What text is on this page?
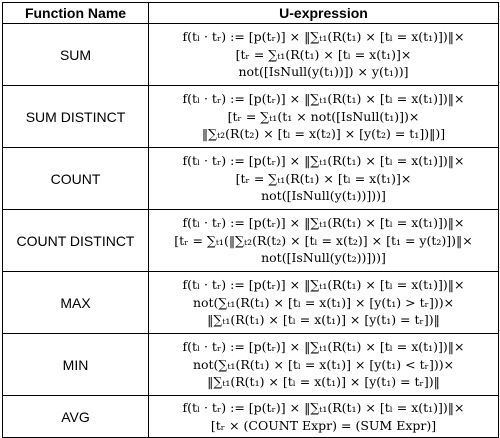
Function Name	U-expression
SUM	f(tₗ · tᵣ) := [p(tᵣ)] × ‖∑ₜ₁(R(t₁) × [tₗ = x(t₁)])‖×
[tᵣ = ∑ₜ₁(R(t₁) × [tₗ = x(t₁)]×
not([IsNull(y(t₁))]) × y(t₁))]

SUM DISTINCT	f(tₗ · tᵣ) := [p(tᵣ)] × ‖∑ₜ₁(R(t₁) × [tₗ = x(t₁)])‖×
[tᵣ = ∑ₜ₁(t₁ × not([IsNull(t₁)])×
‖∑ₜ₂(R(t₂) × [tₗ = x(t₂)] × [y(t₂) = t₁])‖)]

COUNT	f(tₗ · tᵣ) := [p(tᵣ)] × ‖∑ₜ₁(R(t₁) × [tₗ = x(t₁)])‖×
[tᵣ = ∑ₜ₁(R(t₁) × [tₗ = x(t₁)]×
not([IsNull(y(t₁))]))]

COUNT DISTINCT	f(tₗ · tᵣ) := [p(tᵣ)] × ‖∑ₜ₁(R(t₁) × [tₗ = x(t₁)])‖×
[tᵣ = ∑ₜ₁(‖∑ₜ₂(R(t₂) × [tₗ = x(t₂)] × [t₁ = y(t₂)])‖×
not([IsNull(y(t₂))]))]

MAX	f(tₗ · tᵣ) := [p(tᵣ)] × ‖∑ₜ₁(R(t₁) × [tₗ = x(t₁)])‖×
not(∑ₜ₁(R(t₁) × [tₗ = x(t₁)] × [y(t₁) > tᵣ]))×
‖∑ₜ₁(R(t₁) × [tₗ = x(t₁)] × [y(t₁) = tᵣ])‖

MIN	f(tₗ · tᵣ) := [p(tᵣ)] × ‖∑ₜ₁(R(t₁) × [tₗ = x(t₁)])‖×
not(∑ₜ₁(R(t₁) × [tₗ = x(t₁)] × [y(t₁) < tᵣ]))×
‖∑ₜ₁(R(t₁) × [tₗ = x(t₁)] × [y(t₁) = tᵣ])‖

AVG	f(tₗ · tᵣ) := [p(tᵣ)] × ‖∑ₜ₁(R(t₁) × [tₗ = x(t₁)])‖×
[tᵣ × (COUNT Expr) = (SUM Expr)]
